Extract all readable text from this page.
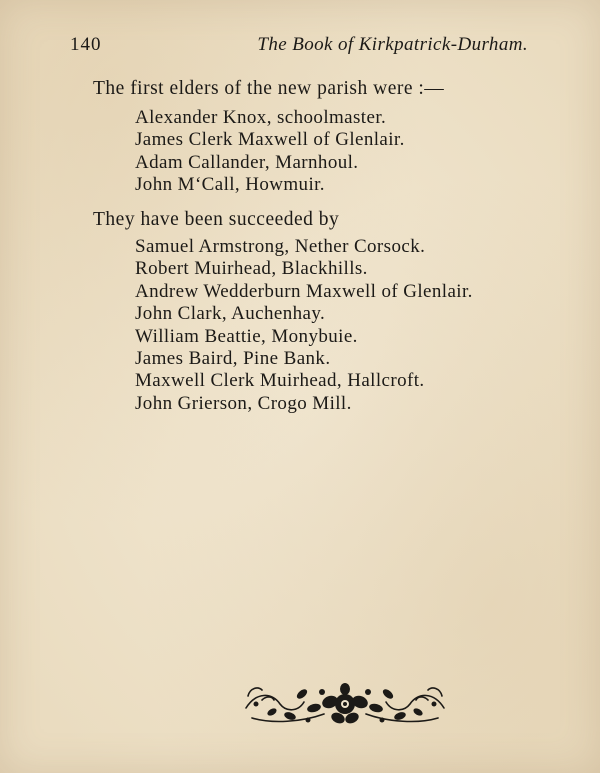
140	The Book of Kirkpatrick-Durham.
The first elders of the new parish were :—
Alexander Knox, schoolmaster.
James Clerk Maxwell of Glenlair.
Adam Callander, Marnhoul.
John M‘Call, Howmuir.
They have been succeeded by
Samuel Armstrong, Nether Corsock.
Robert Muirhead, Blackhills.
Andrew Wedderburn Maxwell of Glenlair.
John Clark, Auchenhay.
William Beattie, Monybuie.
James Baird, Pine Bank.
Maxwell Clerk Muirhead, Hallcroft.
John Grierson, Crogo Mill.
